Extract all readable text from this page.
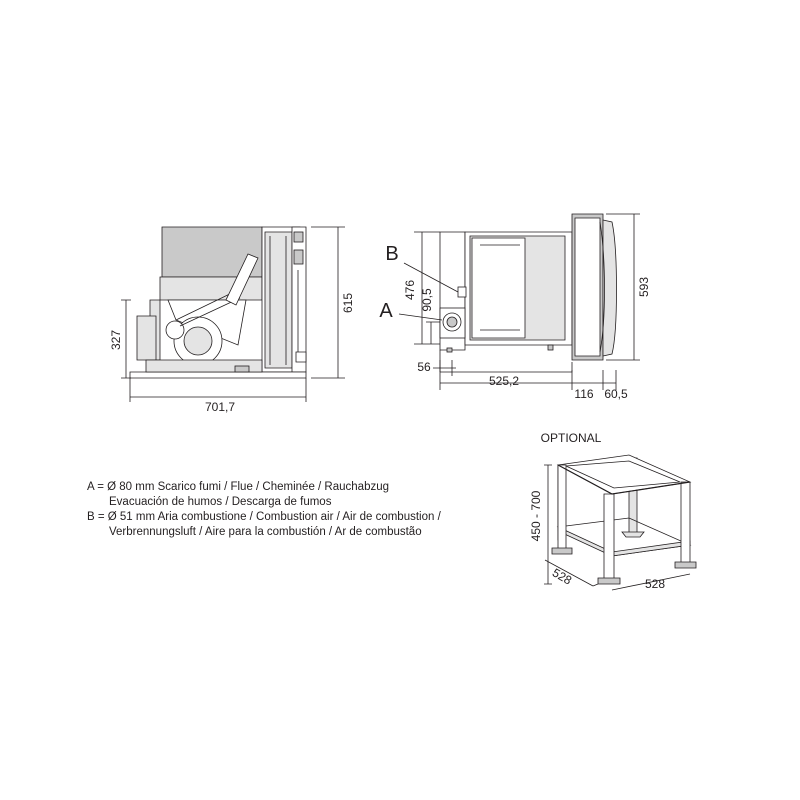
327
615
701,7
B
A
476 90,5
56
525,2
116 60,5
593
OPTIONAL
450 - 700
528	528
A = Ø 80 mm Scarico fumi / Flue / Cheminée / Rauchabzug
Evacuación de humos / Descarga de fumos
B = Ø 51 mm Aria combustione / Combustion air / Air de combustion /
Verbrennungsluft / Aire para la combustión / Ar de combustão
